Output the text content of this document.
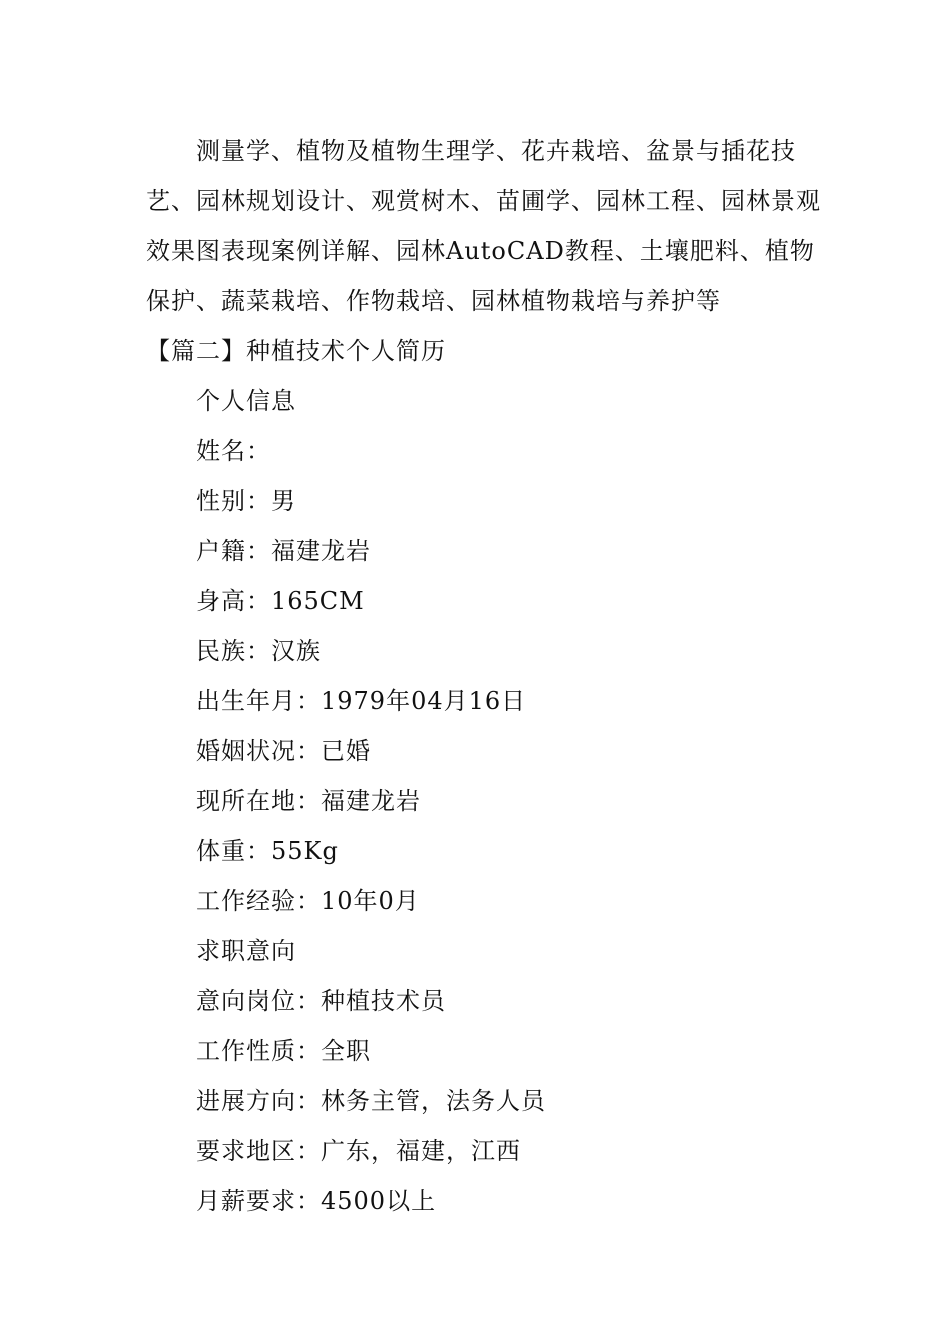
测量学、植物及植物生理学、花卉栽培、盆景与插花技艺、园林规划设计、观赏树木、苗圃学、园林工程、园林景观效果图表现案例详解、园林AutoCAD教程、土壤肥料、植物保护、蔬菜栽培、作物栽培、园林植物栽培与养护等

【篇二】种植技术个人简历
个人信息
姓名：
性别：男
户籍：福建龙岩
身高：165CM
民族：汉族
出生年月：1979年04月16日
婚姻状况：已婚
现所在地：福建龙岩
体重：55Kg
工作经验：10年0月
求职意向
意向岗位：种植技术员
工作性质：全职
进展方向：林务主管，法务人员
要求地区：广东，福建，江西
月薪要求：4500以上
